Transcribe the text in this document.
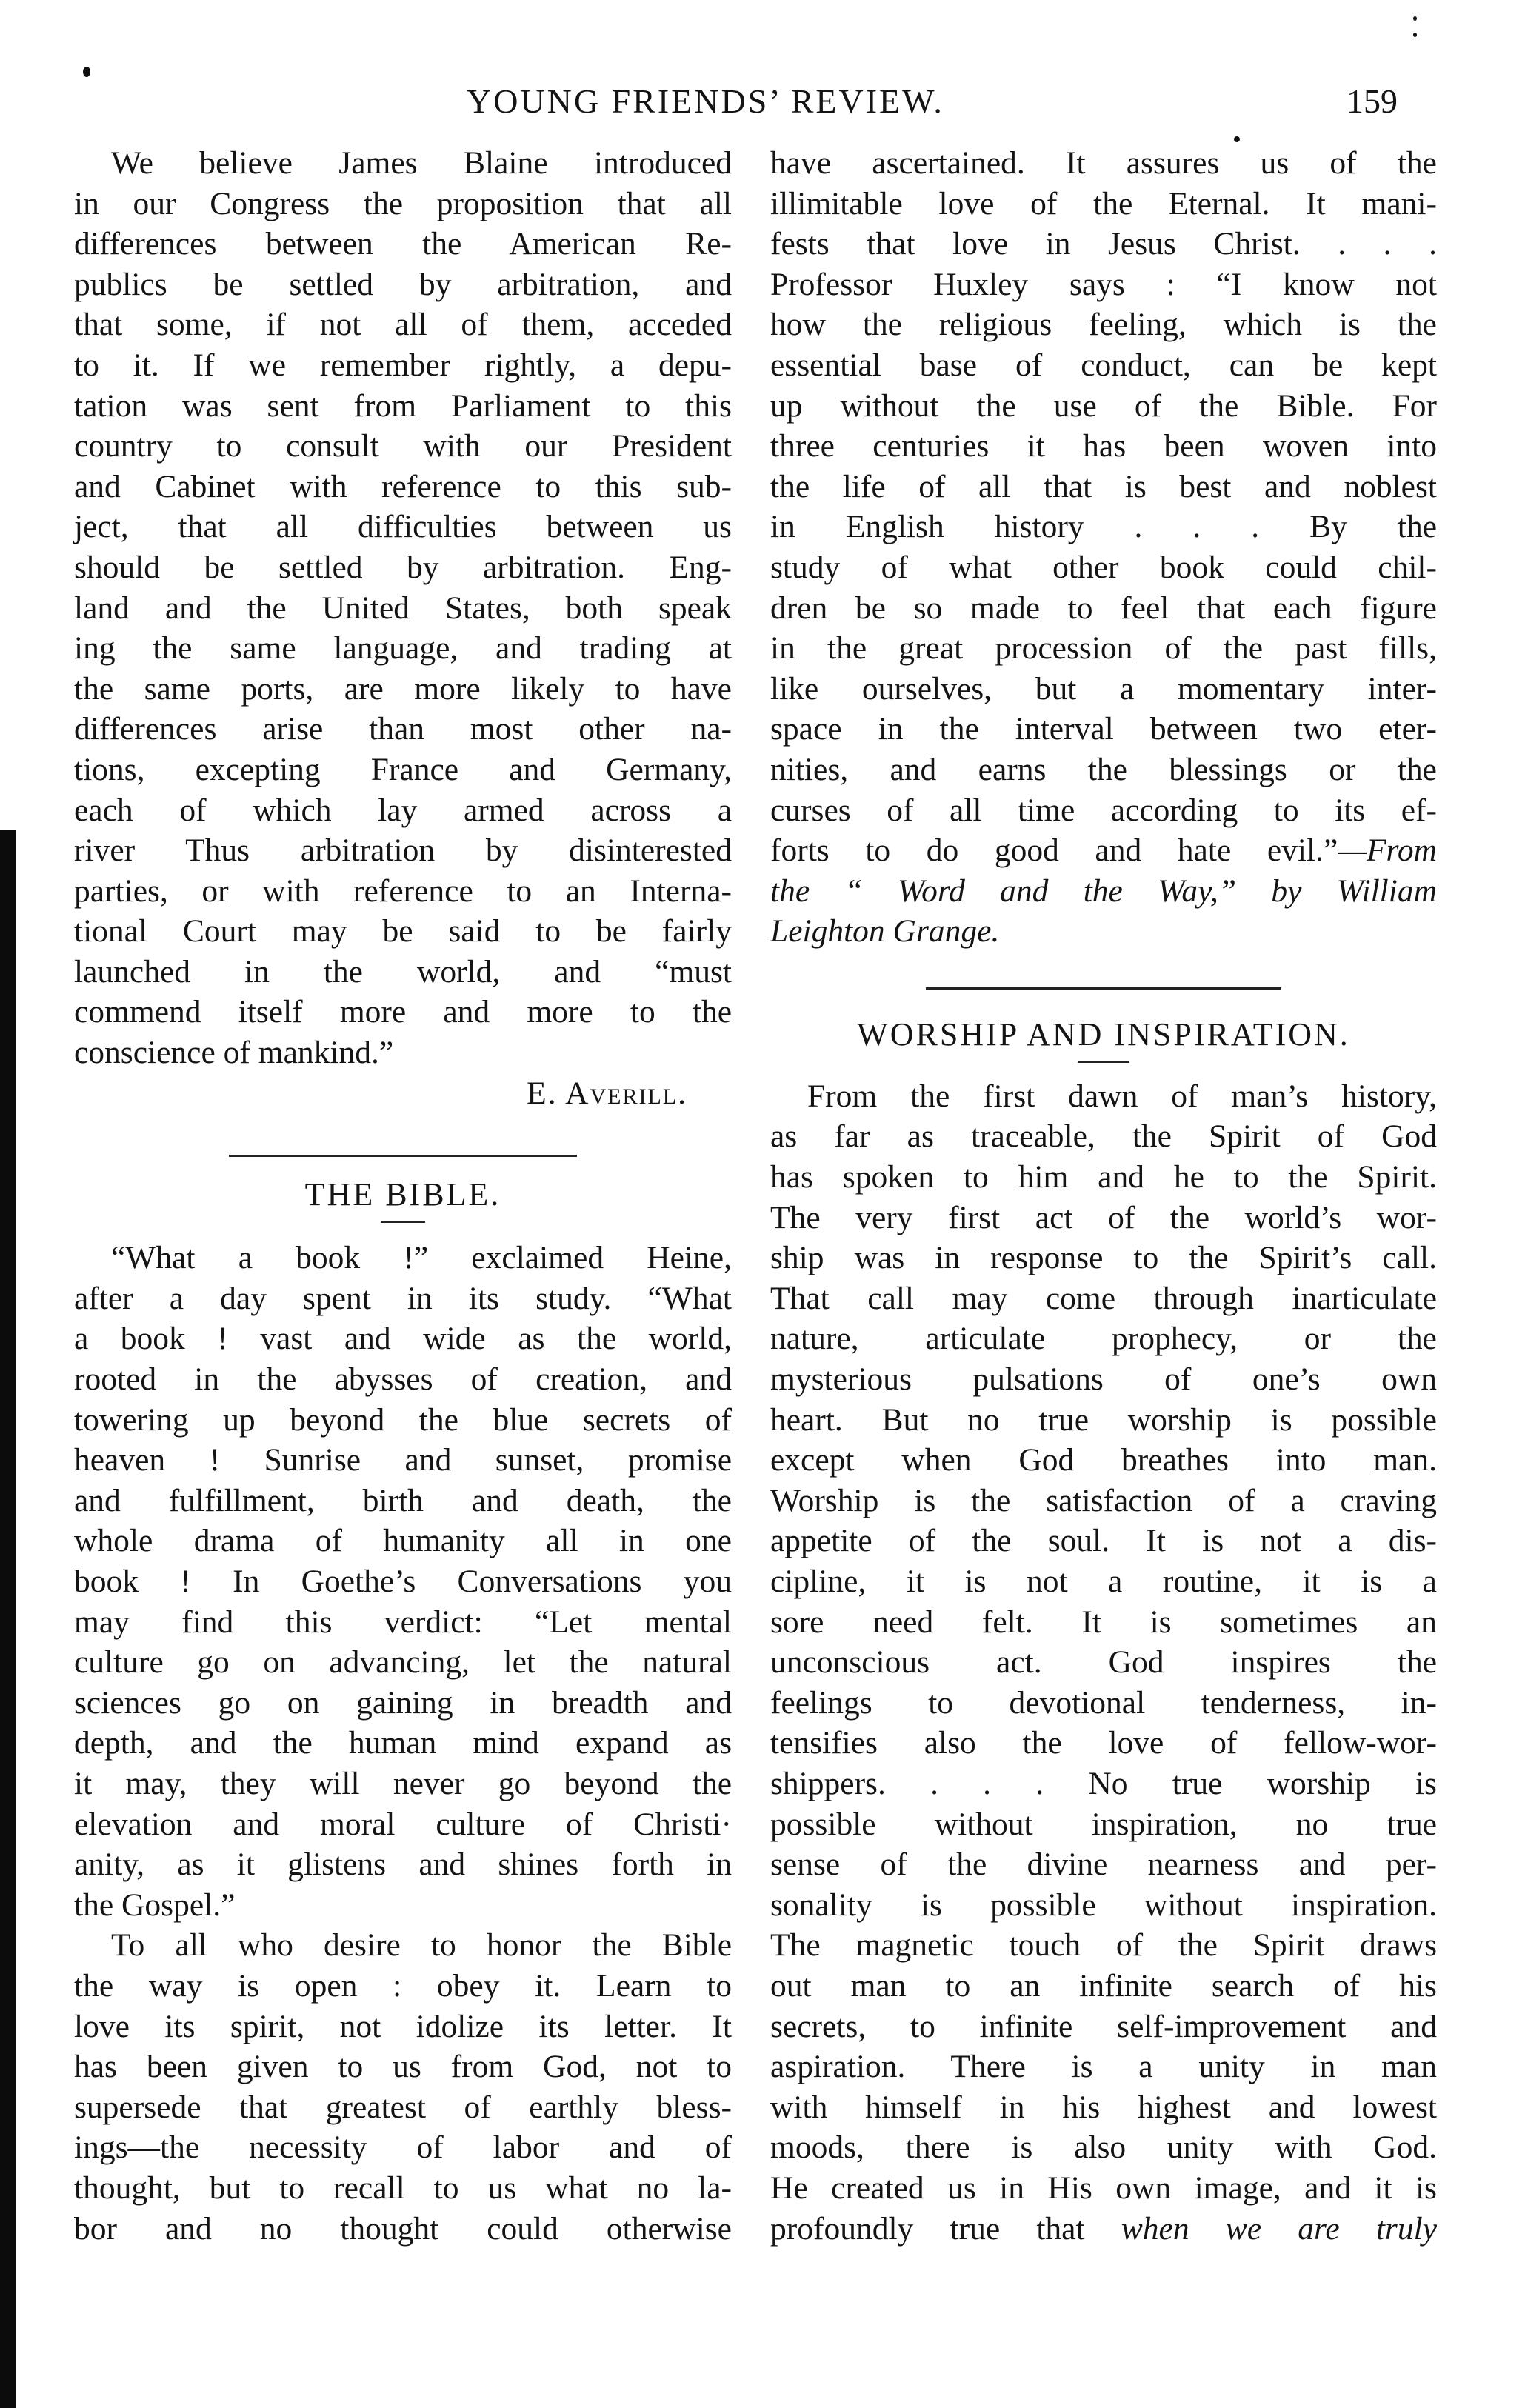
YOUNG FRIENDS’ REVIEW.	159
We believe James Blaine introduced
in our Congress the proposition that all
differences between the American Re-
publics be settled by arbitration, and
that some, if not all of them, acceded
to it. If we remember rightly, a depu-
tation was sent from Parliament to this
country to consult with our President
and Cabinet with reference to this sub-
ject, that all difficulties between us
should be settled by arbitration. Eng-
land and the United States, both speak
ing the same language, and trading at
the same ports, are more likely to have
differences arise than most other na-
tions, excepting France and Germany,
each of which lay armed across a
river Thus arbitration by disinterested
parties, or with reference to an Interna-
tional Court may be said to be fairly
launched in the world, and “must
commend itself more and more to the
conscience of mankind.”
E. Averill.
THE BIBLE.
“What a book !” exclaimed Heine,
after a day spent in its study. “What
a book ! vast and wide as the world,
rooted in the abysses of creation, and
towering up beyond the blue secrets of
heaven ! Sunrise and sunset, promise
and fulfillment, birth and death, the
whole drama of humanity all in one
book ! In Goethe’s Conversations you
may find this verdict: “Let mental
culture go on advancing, let the natural
sciences go on gaining in breadth and
depth, and the human mind expand as
it may, they will never go beyond the
elevation and moral culture of Christi·
anity, as it glistens and shines forth in
the Gospel.”
To all who desire to honor the Bible
the way is open : obey it. Learn to
love its spirit, not idolize its letter. It
has been given to us from God, not to
supersede that greatest of earthly bless-
ings—the necessity of labor and of
thought, but to recall to us what no la-
bor and no thought could otherwise
have ascertained. It assures us of the
illimitable love of the Eternal. It mani-
fests that love in Jesus Christ. . . .
Professor Huxley says : “I know not
how the religious feeling, which is the
essential base of conduct, can be kept
up without the use of the Bible. For
three centuries it has been woven into
the life of all that is best and noblest
in English history . . . By the
study of what other book could chil-
dren be so made to feel that each figure
in the great procession of the past fills,
like ourselves, but a momentary inter-
space in the interval between two eter-
nities, and earns the blessings or the
curses of all time according to its ef-
forts to do good and hate evil.”—From
the “ Word and the Way,” by William
Leighton Grange.
WORSHIP AND INSPIRATION.
From the first dawn of man’s history,
as far as traceable, the Spirit of God
has spoken to him and he to the Spirit.
The very first act of the world’s wor-
ship was in response to the Spirit’s call.
That call may come through inarticulate
nature, articulate prophecy, or the
mysterious pulsations of one’s own
heart. But no true worship is possible
except when God breathes into man.
Worship is the satisfaction of a craving
appetite of the soul. It is not a dis-
cipline, it is not a routine, it is a
sore need felt. It is sometimes an
unconscious act. God inspires the
feelings to devotional tenderness, in-
tensifies also the love of fellow-wor-
shippers. . . . No true worship is
possible without inspiration, no true
sense of the divine nearness and per-
sonality is possible without inspiration.
The magnetic touch of the Spirit draws
out man to an infinite search of his
secrets, to infinite self-improvement and
aspiration. There is a unity in man
with himself in his highest and lowest
moods, there is also unity with God.
He created us in His own image, and it is
profoundly true that when we are truly
